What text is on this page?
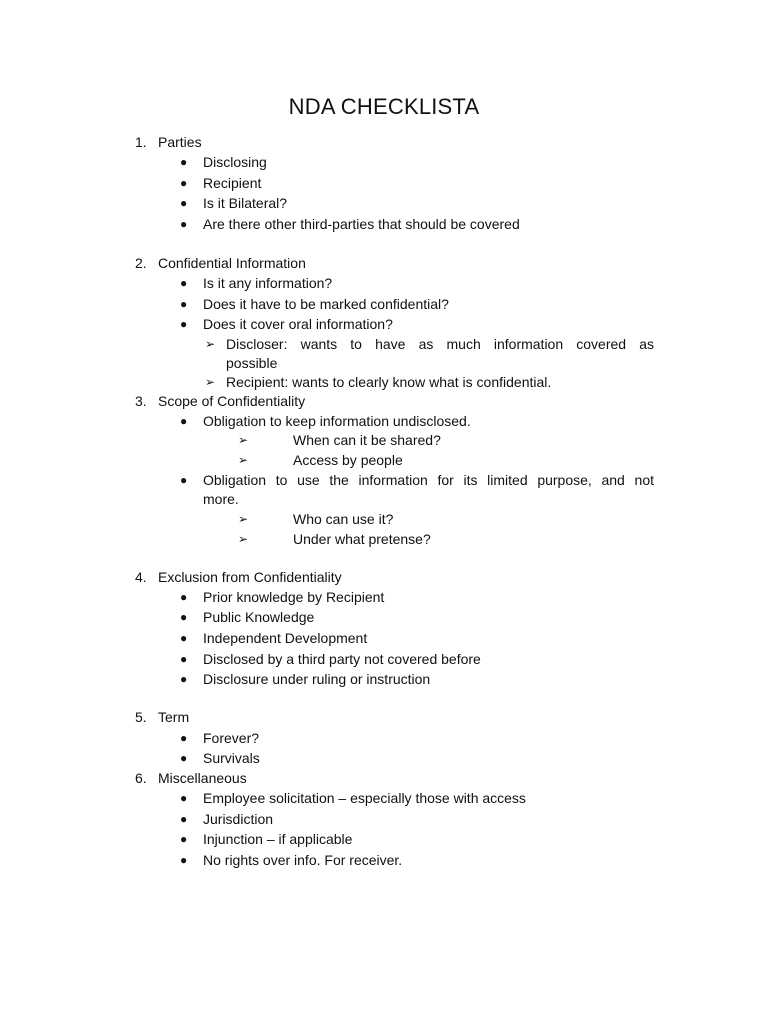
NDA CHECKLISTA
1. Parties
● Disclosing
● Recipient
● Is it Bilateral?
● Are there other third-parties that should be covered
2. Confidential Information
● Is it any information?
● Does it have to be marked confidential?
● Does it cover oral information?
➢ Discloser: wants to have as much information covered as
possible
➢ Recipient: wants to clearly know what is confidential.
3. Scope of Confidentiality
● Obligation to keep information undisclosed.
➢	When can it be shared?
➢	Access by people
● Obligation to use the information for its limited purpose, and not
more.
➢	Who can use it?
➢	Under what pretense?
4. Exclusion from Confidentiality
● Prior knowledge by Recipient
● Public Knowledge
● Independent Development
● Disclosed by a third party not covered before
● Disclosure under ruling or instruction
5. Term
● Forever?
● Survivals
6. Miscellaneous
● Employee solicitation – especially those with access
● Jurisdiction
● Injunction – if applicable
● No rights over info. For receiver.
